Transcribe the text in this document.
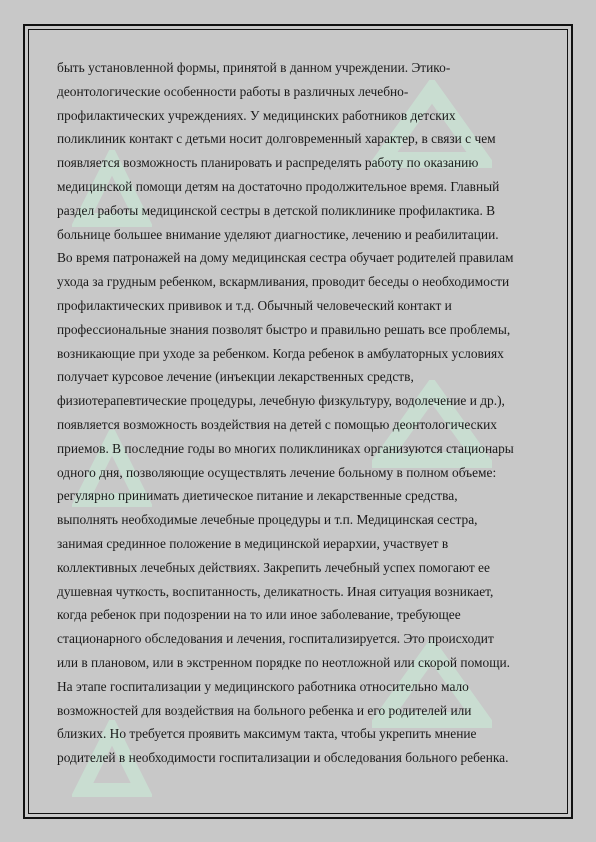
быть установленной формы, принятой в данном учреждении. Этико-
деонтологические особенности работы в различных лечебно-
профилактических учреждениях. У медицинских работников детских
поликлиник контакт с детьми носит долговременный характер, в связи с чем
появляется возможность планировать и распределять работу по оказанию
медицинской помощи детям на достаточно продолжительное время. Главный
раздел работы медицинской сестры в детской поликлинике профилактика. В
больнице большее внимание уделяют диагностике, лечению и реабилитации.
Во время патронажей на дому медицинская сестра обучает родителей правилам
ухода за грудным ребенком, вскармливания, проводит беседы о необходимости
профилактических прививок и т.д. Обычный человеческий контакт и
профессиональные знания позволят быстро и правильно решать все проблемы,
возникающие при уходе за ребенком. Когда ребенок в амбулаторных условиях
получает курсовое лечение (инъекции лекарственных средств,
физиотерапевтические процедуры, лечебную физкультуру, водолечение и др.),
появляется возможность воздействия на детей с помощью деонтологических
приемов. В последние годы во многих поликлиниках организуются стационары
одного дня, позволяющие осуществлять лечение больному в полном объеме:
регулярно принимать диетическое питание и лекарственные средства,
выполнять необходимые лечебные процедуры и т.п. Медицинская сестра,
занимая срединное положение в медицинской иерархии, участвует в
коллективных лечебных действиях. Закрепить лечебный успех помогают ее
душевная чуткость, воспитанность, деликатность. Иная ситуация возникает,
когда ребенок при подозрении на то или иное заболевание, требующее
стационарного обследования и лечения, госпитализируется. Это происходит
или в плановом, или в экстренном порядке по неотложной или скорой помощи.
На этапе госпитализации у медицинского работника относительно мало
возможностей для воздействия на больного ребенка и его родителей или
близких. Но требуется проявить максимум такта, чтобы укрепить мнение
родителей в необходимости госпитализации и обследования больного ребенка.
